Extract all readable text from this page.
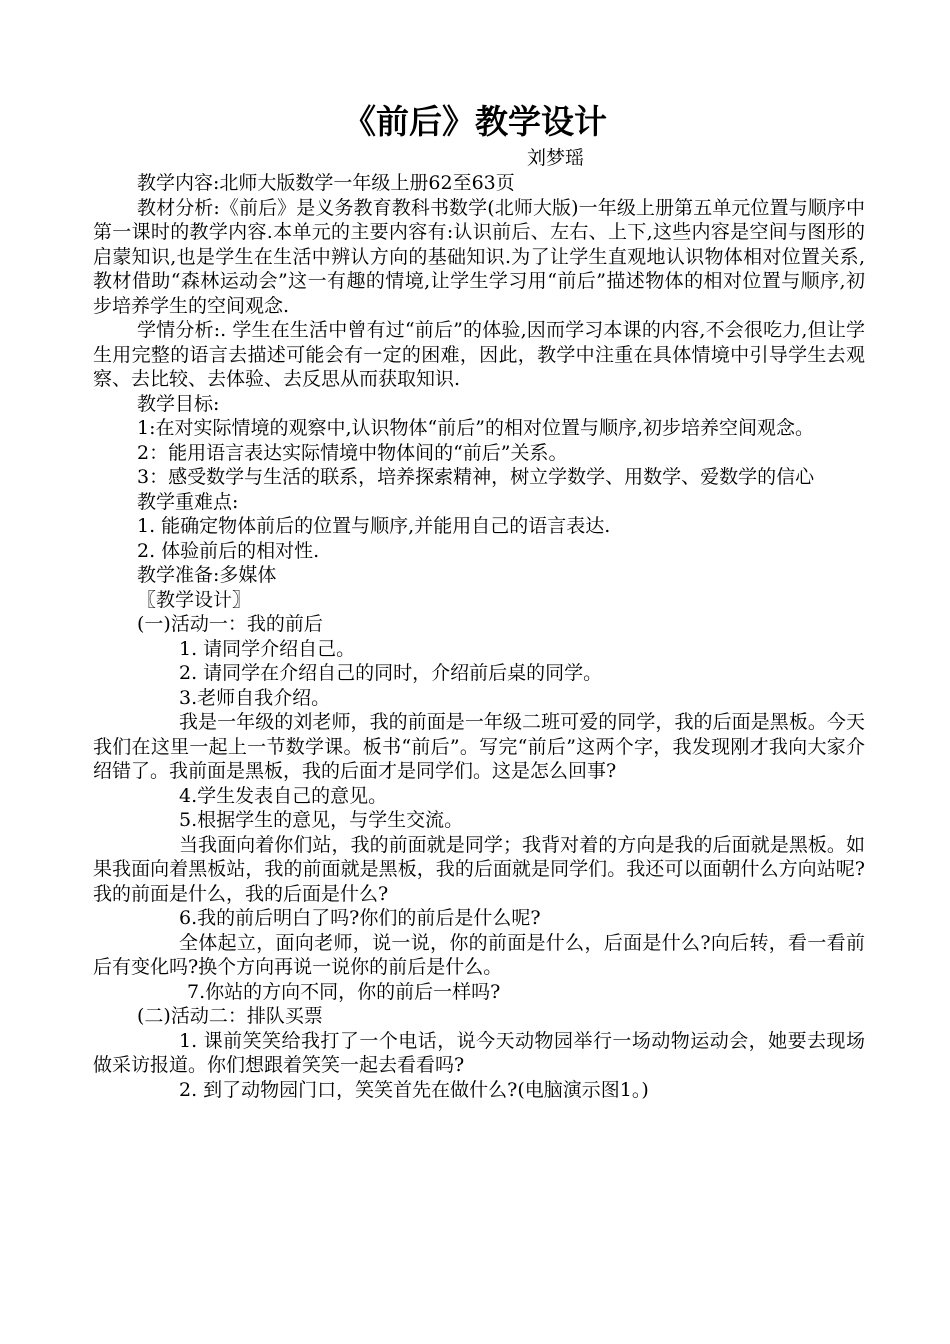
《前后》教学设计
刘梦瑶

教学内容:北师大版数学一年级上册62至63页

教材分析:《前后》是义务教育教科书数学(北师大版)一年级上册第五单元位置与顺序中第一课时的教学内容.本单元的主要内容有:认识前后、左右、上下,这些内容是空间与图形的启蒙知识,也是学生在生活中辨认方向的基础知识.为了让学生直观地认识物体相对位置关系,教材借助“森林运动会”这一有趣的情境,让学生学习用“前后”描述物体的相对位置与顺序,初步培养学生的空间观念.

学情分析:. 学生在生活中曾有过“前后”的体验,因而学习本课的内容,不会很吃力,但让学生用完整的语言去描述可能会有一定的困难，因此，教学中注重在具体情境中引导学生去观察、去比较、去体验、去反思从而获取知识.

教学目标:

1:在对实际情境的观察中,认识物体“前后”的相对位置与顺序,初步培养空间观念。

2：能用语言表达实际情境中物体间的“前后”关系。

3：感受数学与生活的联系，培养探索精神，树立学数学、用数学、爱数学的信心

教学重难点:

1. 能确定物体前后的位置与顺序,并能用自己的语言表达.

2. 体验前后的相对性.

教学准备:多媒体

〖教学设计〗

(一)活动一：我的前后

1. 请同学介绍自己。

2. 请同学在介绍自己的同时，介绍前后桌的同学。

3.老师自我介绍。

我是一年级的刘老师，我的前面是一年级二班可爱的同学，我的后面是黑板。今天我们在这里一起上一节数学课。板书“前后”。写完“前后”这两个字，我发现刚才我向大家介绍错了。我前面是黑板，我的后面才是同学们。这是怎么回事?

4.学生发表自己的意见。

5.根据学生的意见，与学生交流。

当我面向着你们站，我的前面就是同学；我背对着的方向是我的后面就是黑板。如果我面向着黑板站，我的前面就是黑板，我的后面就是同学们。我还可以面朝什么方向站呢?我的前面是什么，我的后面是什么?

6.我的前后明白了吗?你们的前后是什么呢?

全体起立，面向老师，说一说，你的前面是什么，后面是什么?向后转，看一看前后有变化吗?换个方向再说一说你的前后是什么。

7.你站的方向不同，你的前后一样吗?

(二)活动二：排队买票

1. 课前笑笑给我打了一个电话，说今天动物园举行一场动物运动会，她要去现场做采访报道。你们想跟着笑笑一起去看看吗?

2. 到了动物园门口，笑笑首先在做什么?(电脑演示图1。)
